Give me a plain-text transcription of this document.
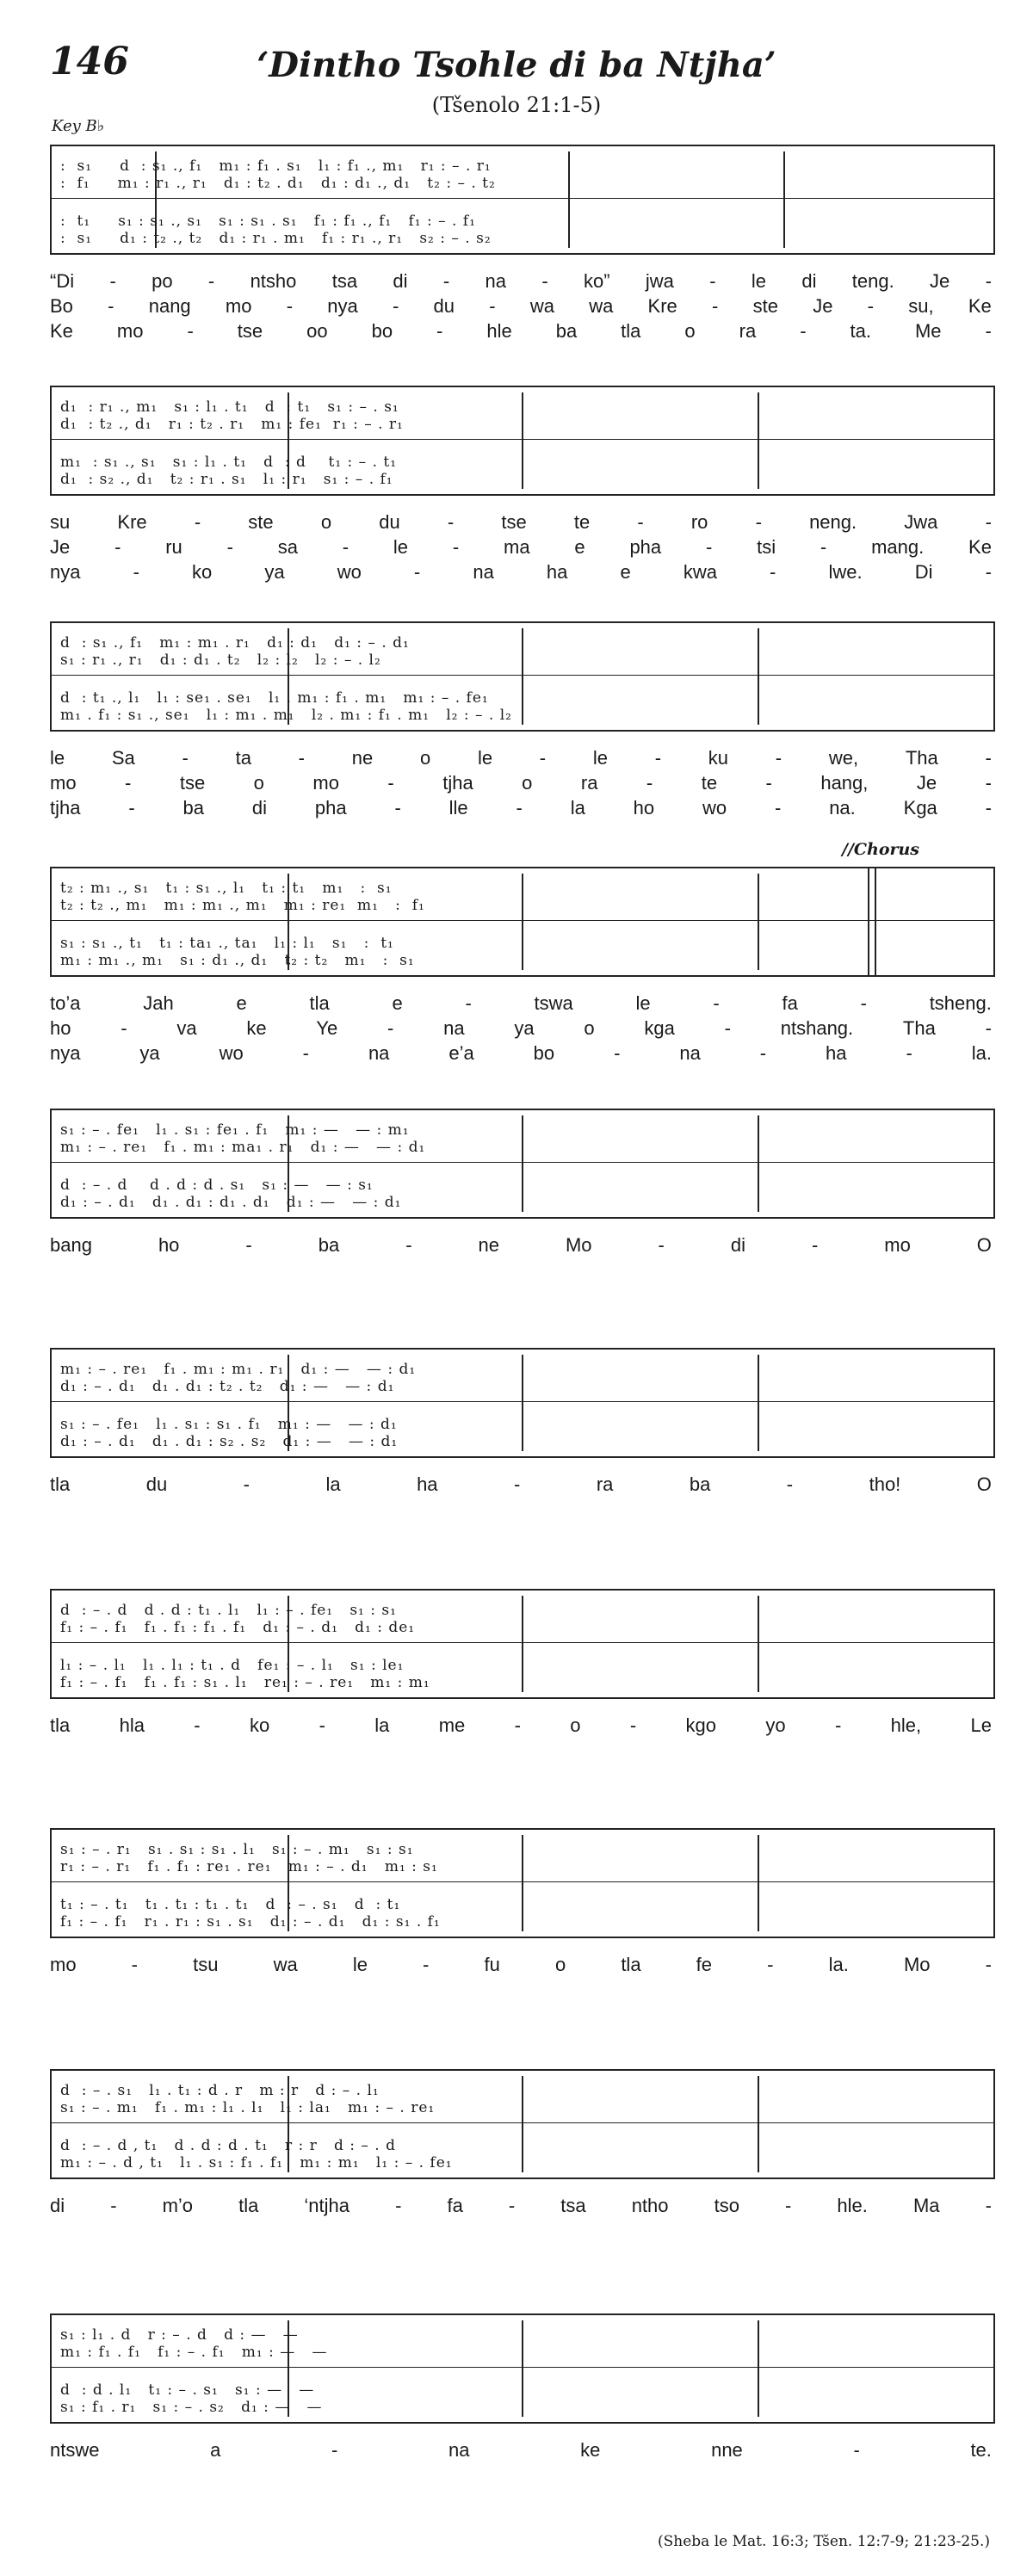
146	‘Dintho Tsohle di ba Ntjha’
(Tšenolo 21:1-5)
Key B♭
//Chorus
:  s₁     d  : s₁ ., f₁   m₁ : f₁ . s₁   l₁ : f₁ ., m₁   r₁ : – . r₁
:  f₁     m₁ : r₁ ., r₁   d₁ : t₂ . d₁   d₁ : d₁ ., d₁   t₂ : – . t₂
:  t₁     s₁ : s₁ ., s₁   s₁ : s₁ . s₁   f₁ : f₁ ., f₁   f₁ : – . f₁
:  s₁     d₁ : t₂ ., t₂   d₁ : r₁ . m₁   f₁ : r₁ ., r₁   s₂ : – . s₂
“Di - po - ntsho tsa di - na - ko” jwa - le di teng. Je -
Bo - nang mo - nya - du - wa wa Kre - ste Je - su, Ke
Ke mo - tse oo bo - hle ba tla o ra - ta. Me -
d₁  : r₁ ., m₁   s₁ : l₁ . t₁   d  : t₁   s₁ : – . s₁
d₁  : t₂ ., d₁   r₁ : t₂ . r₁   m₁ : fe₁  r₁ : – . r₁
m₁  : s₁ ., s₁   s₁ : l₁ . t₁   d  : d    t₁ : – . t₁
d₁  : s₂ ., d₁   t₂ : r₁ . s₁   l₁ : r₁   s₁ : – . f₁
su	Kre	-	ste	o	du	-	tse	te	-	ro	-	neng.	Jwa	-
Je - ru - sa - le - ma e pha - tsi - mang. Ke
nya	-	ko	ya	wo	-	na	ha	e	kwa	-	lwe.	Di	-
d  : s₁ ., f₁   m₁ : m₁ . r₁   d₁ : d₁   d₁ : – . d₁
s₁ : r₁ ., r₁   d₁ : d₁ . t₂   l₂ : l₂   l₂ : – . l₂
d  : t₁ ., l₁   l₁ : se₁ . se₁   l₁ . m₁ : f₁ . m₁   m₁ : – . fe₁
m₁ . f₁ : s₁ ., se₁   l₁ : m₁ . m₁   l₂ . m₁ : f₁ . m₁   l₂ : – . l₂
le Sa - ta - ne o le - le - ku - we, Tha -
mo	-	tse	o	mo	-	tjha	o	ra	-	te	-	hang,	Je	-
tjha	-	ba	di	pha	-	lle	-	la	ho	wo	-	na.	Kga	-
t₂ : m₁ ., s₁   t₁ : s₁ ., l₁   t₁ : t₁   m₁   :  s₁
t₂ : t₂ ., m₁   m₁ : m₁ ., m₁   m₁ : re₁  m₁   :  f₁
s₁ : s₁ ., t₁   t₁ : ta₁ ., ta₁   l₁ : l₁   s₁   :  t₁
m₁ : m₁ ., m₁   s₁ : d₁ ., d₁   t₂ : t₂   m₁   :  s₁
to’a	Jah	e	tla	e	-	tswa	le	-	fa	-	tsheng.
ho	-	va	ke	Ye	-	na	ya	o	kga	-	ntshang.	Tha	-
nya	ya	wo	-	na	e’a	bo	-	na	-	ha	-	la.
s₁ : – . fe₁   l₁ . s₁ : fe₁ . f₁   m₁ : —   — : m₁
m₁ : – . re₁   f₁ . m₁ : ma₁ . r₁   d₁ : —   — : d₁
d  : – . d    d . d : d . s₁   s₁ : —   — : s₁
d₁ : – . d₁   d₁ . d₁ : d₁ . d₁   d₁ : —   — : d₁
bang	ho	-	ba	-	ne	Mo	-	di	-	mo	O
m₁ : – . re₁   f₁ . m₁ : m₁ . r₁   d₁ : —   — : d₁
d₁ : – . d₁   d₁ . d₁ : t₂ . t₂   d₁ : —   — : d₁
s₁ : – . fe₁   l₁ . s₁ : s₁ . f₁   m₁ : —   — : d₁
d₁ : – . d₁   d₁ . d₁ : s₂ . s₂   d₁ : —   — : d₁
tla	du	-	la	ha	-	ra	ba	-	tho!	O
d  : – . d   d . d : t₁ . l₁   l₁ : – . fe₁   s₁ : s₁
f₁ : – . f₁   f₁ . f₁ : f₁ . f₁   d₁ : – . d₁   d₁ : de₁
l₁ : – . l₁   l₁ . l₁ : t₁ . d   fe₁ : – . l₁   s₁ : le₁
f₁ : – . f₁   f₁ . f₁ : s₁ . l₁   re₁ : – . re₁   m₁ : m₁
tla	hla	-	ko	-	la	me	-	o	-	kgo	yo	-	hle,	Le
s₁ : – . r₁   s₁ . s₁ : s₁ . l₁   s₁ : – . m₁   s₁ : s₁
r₁ : – . r₁   f₁ . f₁ : re₁ . re₁   m₁ : – . d₁   m₁ : s₁
t₁ : – . t₁   t₁ . t₁ : t₁ . t₁   d  : – . s₁   d  : t₁
f₁ : – . f₁   r₁ . r₁ : s₁ . s₁   d₁ : – . d₁   d₁ : s₁ . f₁
mo	-	tsu	wa	le	-	fu	o	tla	fe	-	la.	Mo	-
d  : – . s₁   l₁ . t₁ : d . r   m : r   d : – . l₁
s₁ : – . m₁   f₁ . m₁ : l₁ . l₁   l₁ : la₁   m₁ : – . re₁
d  : – . d , t₁   d . d : d . t₁   r : r   d : – . d
m₁ : – . d , t₁   l₁ . s₁ : f₁ . f₁   m₁ : m₁   l₁ : – . fe₁
di - m’o tla ‘ntjha - fa - tsa ntho tso - hle. Ma -
s₁ : l₁ . d   r : – . d   d : —   —
m₁ : f₁ . f₁   f₁ : – . f₁   m₁ : —   —
d  : d . l₁   t₁ : – . s₁   s₁ : —   —
s₁ : f₁ . r₁   s₁ : – . s₂   d₁ : —   —
ntswe	a	-	na	ke	nne	-	te.
(Sheba le Mat. 16:3; Tšen. 12:7-9; 21:23-25.)
